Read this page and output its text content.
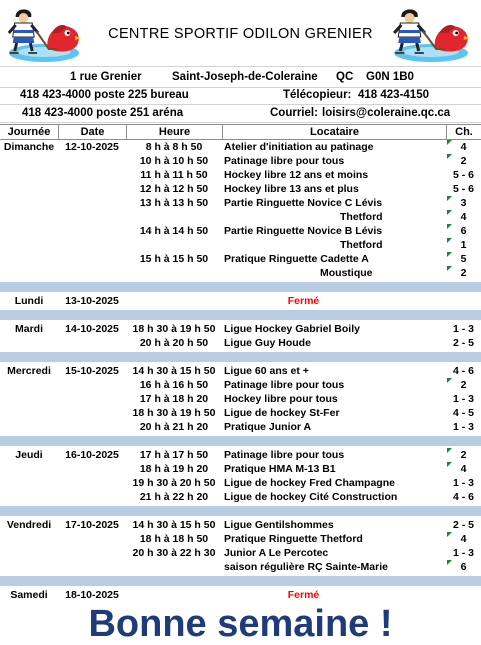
CENTRE SPORTIF ODILON GRENIER
1 rue Grenier	Saint-Joseph-de-Coleraine QC G0N 1B0
418 423-4000 poste 225 bureau	Télécopieur: 418 423-4150
418 423-4000 poste 251 aréna	Courriel: loisirs@coleraine.qc.ca
Journée	Date	Heure	Locataire	Ch.
Dimanche	12-10-2025	8 h à 8 h 50	Atelier d'initiation au patinage	4
10 h à 10 h 50	Patinage libre pour tous	2
11 h à 11 h 50	Hockey libre 12 ans et moins	5 - 6
12 h à 12 h 50	Hockey libre 13 ans et plus	5 - 6
13 h à 13 h 50	Partie Ringuette Novice C Lévis	3
Thetford	4
14 h à 14 h 50	Partie Ringuette Novice B Lévis	6
Thetford	1
15 h à 15 h 50	Pratique Ringuette Cadette A	5
Moustique	2
Lundi	13-10-2025	Fermé
Mardi	14-10-2025	18 h 30 à 19 h 50 Ligue Hockey Gabriel Boily	1 - 3
20 h à 20 h 50	Ligue Guy Houde	2 - 5
Mercredi	15-10-2025	14 h 30 à 15 h 50 Ligue 60 ans et +	4 - 6
16 h à 16 h 50	Patinage libre pour tous	2
17 h à 18 h 20	Hockey libre pour tous	1 - 3
18 h 30 à 19 h 50 Ligue de hockey St-Fer	4 - 5
20 h à 21 h 20	Pratique Junior A	1 - 3
Jeudi	16-10-2025	17 h à 17 h 50	Patinage libre pour tous	2
18 h à 19 h 20	Pratique HMA M-13 B1	4
19 h 30 à 20 h 50 Ligue de hockey Fred Champagne	1 - 3
21 h à 22 h 20	Ligue de hockey Cité Construction	4 - 6
Vendredi	17-10-2025	14 h 30 à 15 h 50 Ligue Gentilshommes	2 - 5
18 h à 18 h 50	Pratique Ringuette Thetford	4
20 h 30 à 22 h 30 Junior A Le Percotec	1 - 3
saison régulière RÇ Sainte-Marie	6
Samedi	18-10-2025	Fermé
Bonne semaine !
